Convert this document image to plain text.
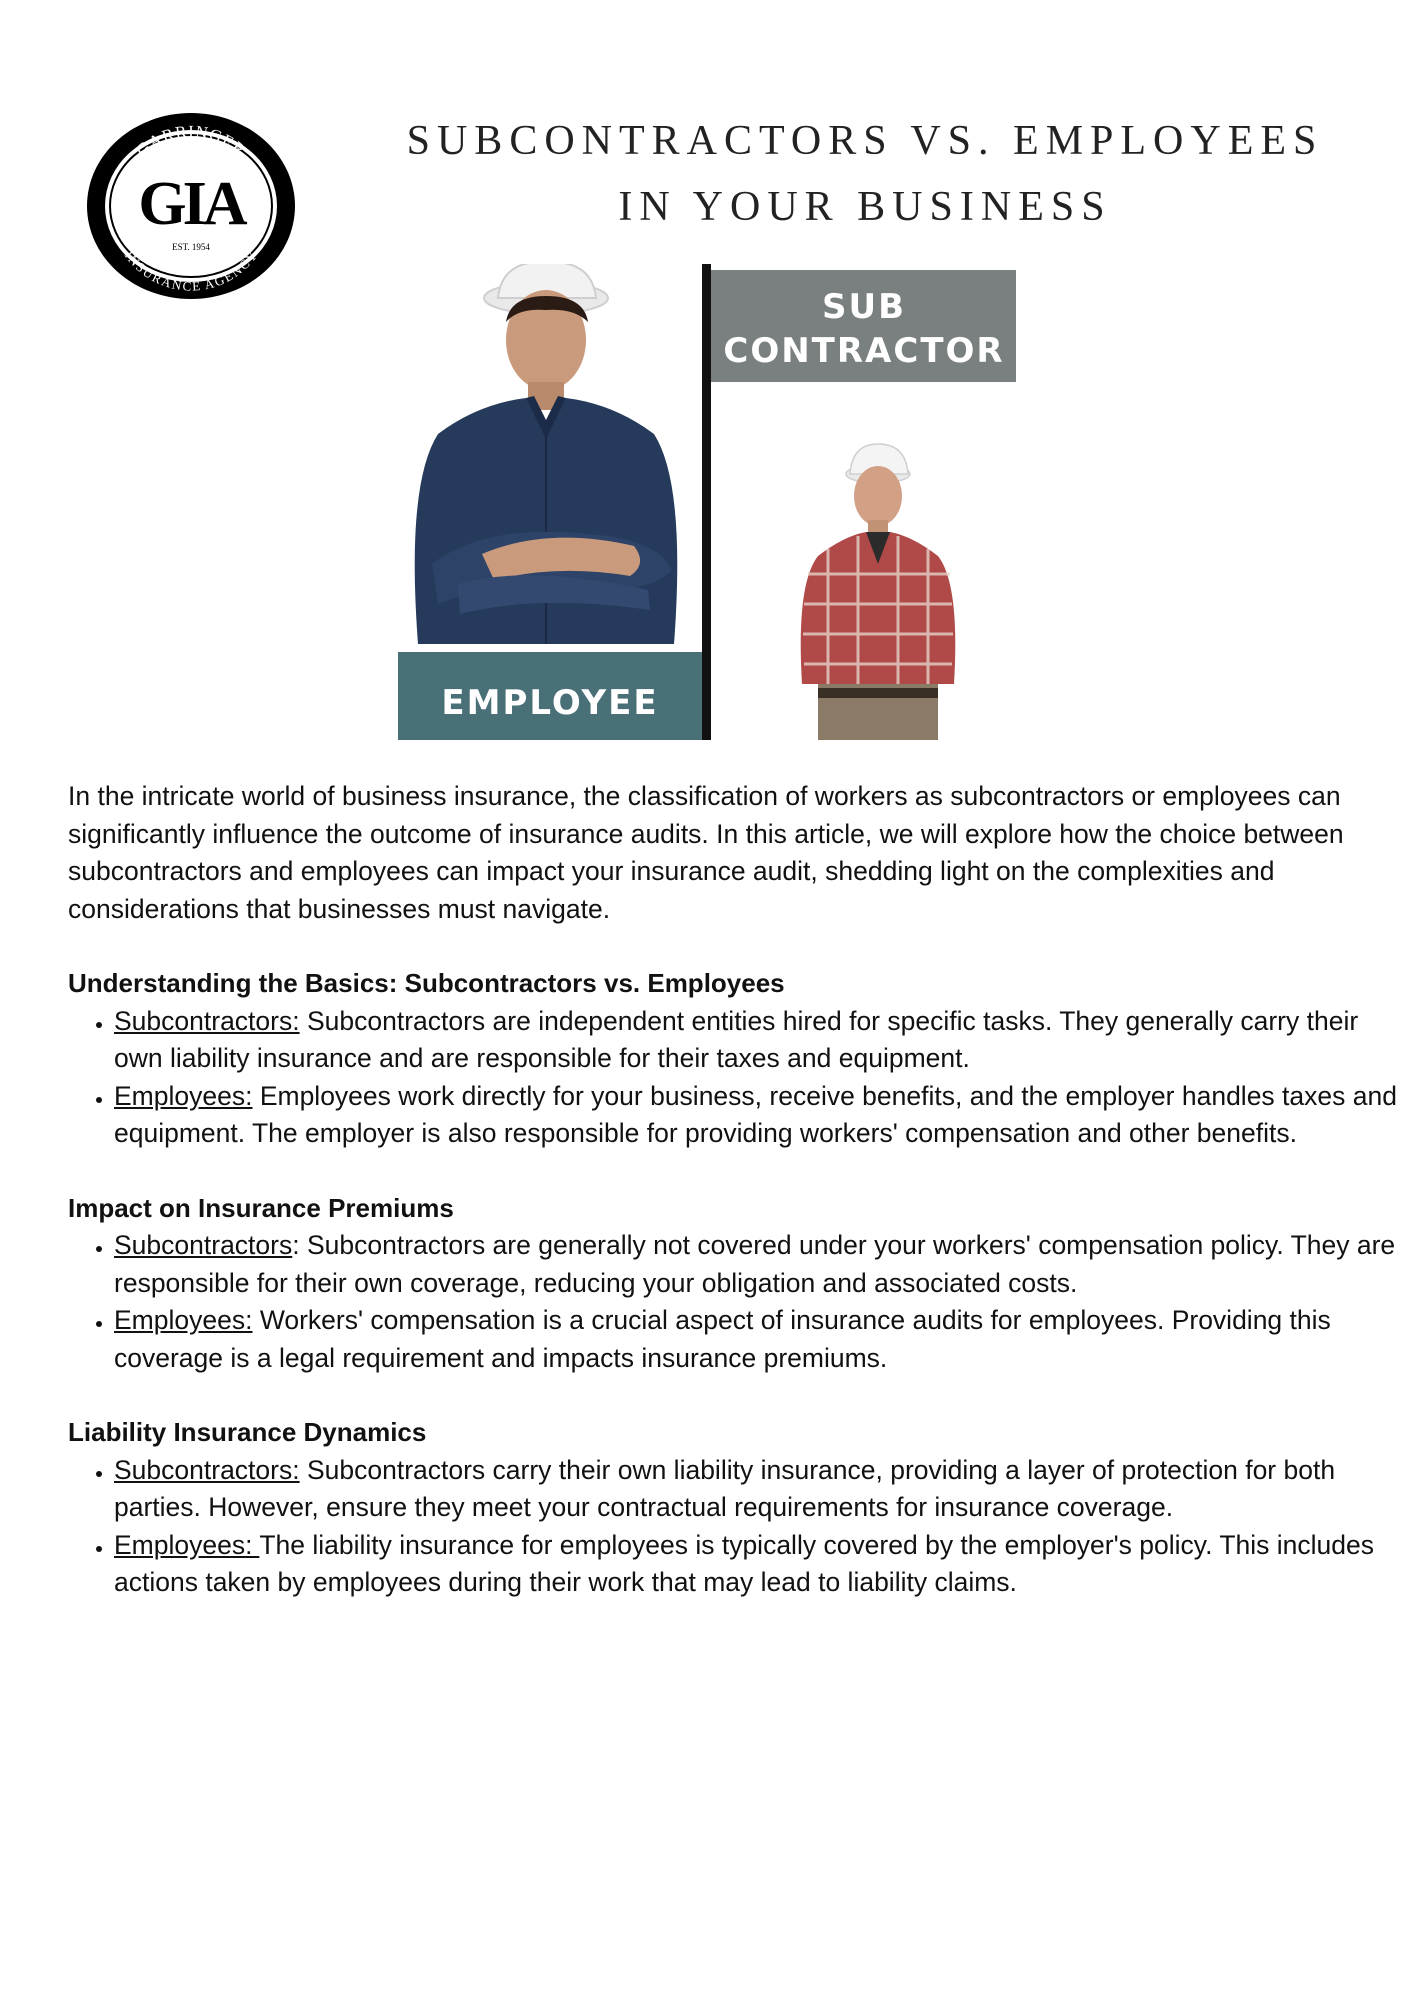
GARRINGER
INSURANCE AGENCY
GIA
EST. 1954
SUBCONTRACTORS VS. EMPLOYEES IN YOUR BUSINESS
EMPLOYEE
SUB
CONTRACTOR

In the intricate world of business insurance, the classification of workers as subcontractors or employees can significantly influence the outcome of insurance audits. In this article, we will explore how the choice between subcontractors and employees can impact your insurance audit, shedding light on the complexities and considerations that businesses must navigate.

Understanding the Basics: Subcontractors vs. Employees
• Subcontractors: Subcontractors are independent entities hired for specific tasks. They generally carry their own liability insurance and are responsible for their taxes and equipment.
• Employees: Employees work directly for your business, receive benefits, and the employer handles taxes and equipment. The employer is also responsible for providing workers' compensation and other benefits.
Impact on Insurance Premiums
• Subcontractors: Subcontractors are generally not covered under your workers' compensation policy. They are responsible for their own coverage, reducing your obligation and associated costs.
• Employees: Workers' compensation is a crucial aspect of insurance audits for employees. Providing this coverage is a legal requirement and impacts insurance premiums.
Liability Insurance Dynamics
• Subcontractors: Subcontractors carry their own liability insurance, providing a layer of protection for both parties. However, ensure they meet your contractual requirements for insurance coverage.
• Employees: The liability insurance for employees is typically covered by the employer's policy. This includes actions taken by employees during their work that may lead to liability claims.
